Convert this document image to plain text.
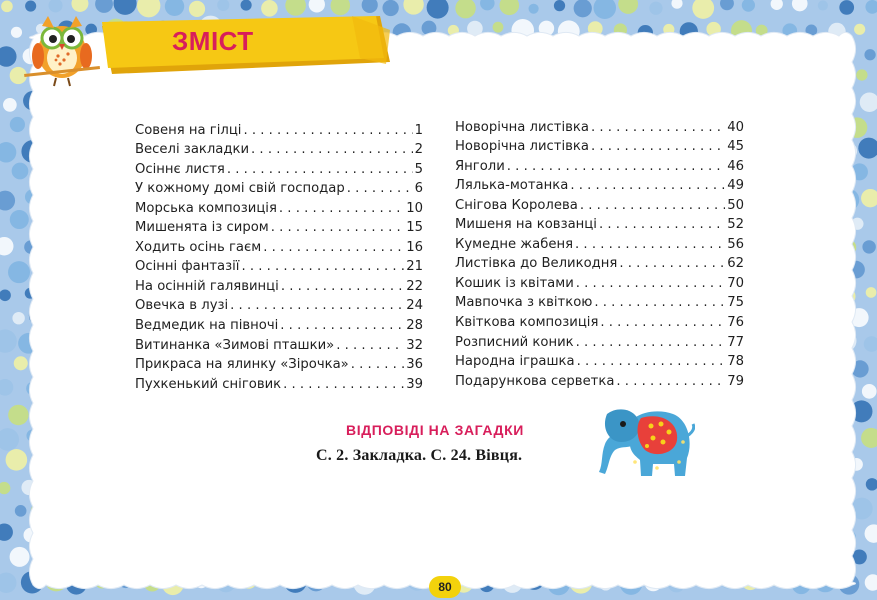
ЗМІСТ
Совеня на гілці . . .	1
Веселі закладки . . .	2
Осіннє листя . . .	5
У кожному домі свій господар . . .	6
Морська композиція . . .	10
Мишенята із сиром . . .	15
Ходить осінь гаєм . . .	16
Осінні фантазії . . .	21
На осінній галявинці . . .	22
Овечка в лузі . . .	24
Ведмедик на півночі . . .	28
Витинанка «Зимові пташки» . . .	32
Прикраса на ялинку «Зірочка» . . .	36
Пухкенький сніговик . . .	39
Новорічна листівка . . .	40
Новорічна листівка . . .	45
Янголи . . .	46
Лялька-мотанка . . .	49
Снігова Королева . . .	50
Мишеня на ковзанці . . .	52
Кумедне жабеня . . .	56
Листівка до Великодня . . .	62
Кошик із квітами . . .	70
Мавпочка з квіткою . . .	75
Квіткова композиція . . .	76
Розписний коник . . .	77
Народна іграшка . . .	78
Подарункова серветка . . .	79
ВІДПОВІДІ НА ЗАГАДКИ
С. 2. Закладка. С. 24. Вівця.
80
